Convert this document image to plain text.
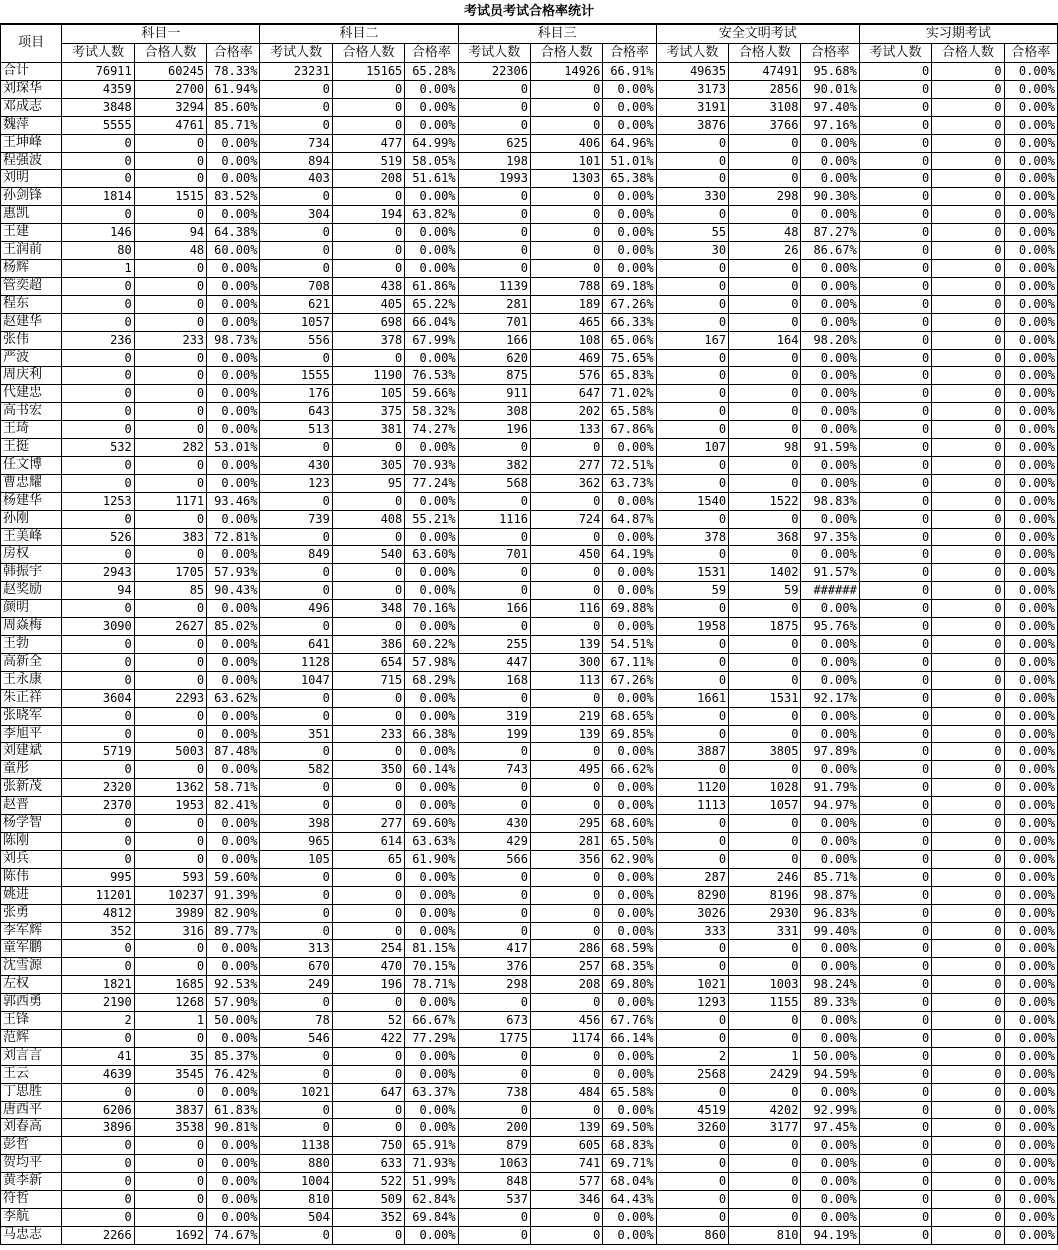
考试员考试合格率统计
项目	科目一			科目二			科目三			安全文明考试			实习期考试		
	考试人数	合格人数	合格率	考试人数	合格人数	合格率	考试人数	合格人数	合格率	考试人数	合格人数	合格率	考试人数	合格人数	合格率
合计	76911	60245	78.33%	23231	15165	65.28%	22306	14926	66.91%	49635	47491	95.68%	0	0	0.00%
刘琛华	4359	2700	61.94%	0	0	0.00%	0	0	0.00%	3173	2856	90.01%	0	0	0.00%
邓成志	3848	3294	85.60%	0	0	0.00%	0	0	0.00%	3191	3108	97.40%	0	0	0.00%
魏萍	5555	4761	85.71%	0	0	0.00%	0	0	0.00%	3876	3766	97.16%	0	0	0.00%
王坤峰	0	0	0.00%	734	477	64.99%	625	406	64.96%	0	0	0.00%	0	0	0.00%
程强波	0	0	0.00%	894	519	58.05%	198	101	51.01%	0	0	0.00%	0	0	0.00%
刘明	0	0	0.00%	403	208	51.61%	1993	1303	65.38%	0	0	0.00%	0	0	0.00%
孙剑锋	1814	1515	83.52%	0	0	0.00%	0	0	0.00%	330	298	90.30%	0	0	0.00%
惠凯	0	0	0.00%	304	194	63.82%	0	0	0.00%	0	0	0.00%	0	0	0.00%
王建	146	94	64.38%	0	0	0.00%	0	0	0.00%	55	48	87.27%	0	0	0.00%
王润前	80	48	60.00%	0	0	0.00%	0	0	0.00%	30	26	86.67%	0	0	0.00%
杨辉	1	0	0.00%	0	0	0.00%	0	0	0.00%	0	0	0.00%	0	0	0.00%
管奕超	0	0	0.00%	708	438	61.86%	1139	788	69.18%	0	0	0.00%	0	0	0.00%
程东	0	0	0.00%	621	405	65.22%	281	189	67.26%	0	0	0.00%	0	0	0.00%
赵建华	0	0	0.00%	1057	698	66.04%	701	465	66.33%	0	0	0.00%	0	0	0.00%
张伟	236	233	98.73%	556	378	67.99%	166	108	65.06%	167	164	98.20%	0	0	0.00%
严波	0	0	0.00%	0	0	0.00%	620	469	75.65%	0	0	0.00%	0	0	0.00%
周庆利	0	0	0.00%	1555	1190	76.53%	875	576	65.83%	0	0	0.00%	0	0	0.00%
代建忠	0	0	0.00%	176	105	59.66%	911	647	71.02%	0	0	0.00%	0	0	0.00%
高书宏	0	0	0.00%	643	375	58.32%	308	202	65.58%	0	0	0.00%	0	0	0.00%
王琦	0	0	0.00%	513	381	74.27%	196	133	67.86%	0	0	0.00%	0	0	0.00%
王挺	532	282	53.01%	0	0	0.00%	0	0	0.00%	107	98	91.59%	0	0	0.00%
任文博	0	0	0.00%	430	305	70.93%	382	277	72.51%	0	0	0.00%	0	0	0.00%
曹忠耀	0	0	0.00%	123	95	77.24%	568	362	63.73%	0	0	0.00%	0	0	0.00%
杨建华	1253	1171	93.46%	0	0	0.00%	0	0	0.00%	1540	1522	98.83%	0	0	0.00%
孙刚	0	0	0.00%	739	408	55.21%	1116	724	64.87%	0	0	0.00%	0	0	0.00%
王美峰	526	383	72.81%	0	0	0.00%	0	0	0.00%	378	368	97.35%	0	0	0.00%
房权	0	0	0.00%	849	540	63.60%	701	450	64.19%	0	0	0.00%	0	0	0.00%
韩振宇	2943	1705	57.93%	0	0	0.00%	0	0	0.00%	1531	1402	91.57%	0	0	0.00%
赵奖励	94	85	90.43%	0	0	0.00%	0	0	0.00%	59	59	######	0	0	0.00%
颜明	0	0	0.00%	496	348	70.16%	166	116	69.88%	0	0	0.00%	0	0	0.00%
周焱梅	3090	2627	85.02%	0	0	0.00%	0	0	0.00%	1958	1875	95.76%	0	0	0.00%
王勃	0	0	0.00%	641	386	60.22%	255	139	54.51%	0	0	0.00%	0	0	0.00%
高新全	0	0	0.00%	1128	654	57.98%	447	300	67.11%	0	0	0.00%	0	0	0.00%
王永康	0	0	0.00%	1047	715	68.29%	168	113	67.26%	0	0	0.00%	0	0	0.00%
朱正祥	3604	2293	63.62%	0	0	0.00%	0	0	0.00%	1661	1531	92.17%	0	0	0.00%
张晓军	0	0	0.00%	0	0	0.00%	319	219	68.65%	0	0	0.00%	0	0	0.00%
李旭平	0	0	0.00%	351	233	66.38%	199	139	69.85%	0	0	0.00%	0	0	0.00%
刘建斌	5719	5003	87.48%	0	0	0.00%	0	0	0.00%	3887	3805	97.89%	0	0	0.00%
童彤	0	0	0.00%	582	350	60.14%	743	495	66.62%	0	0	0.00%	0	0	0.00%
张新茂	2320	1362	58.71%	0	0	0.00%	0	0	0.00%	1120	1028	91.79%	0	0	0.00%
赵晋	2370	1953	82.41%	0	0	0.00%	0	0	0.00%	1113	1057	94.97%	0	0	0.00%
杨学智	0	0	0.00%	398	277	69.60%	430	295	68.60%	0	0	0.00%	0	0	0.00%
陈刚	0	0	0.00%	965	614	63.63%	429	281	65.50%	0	0	0.00%	0	0	0.00%
刘兵	0	0	0.00%	105	65	61.90%	566	356	62.90%	0	0	0.00%	0	0	0.00%
陈伟	995	593	59.60%	0	0	0.00%	0	0	0.00%	287	246	85.71%	0	0	0.00%
姚进	11201	10237	91.39%	0	0	0.00%	0	0	0.00%	8290	8196	98.87%	0	0	0.00%
张勇	4812	3989	82.90%	0	0	0.00%	0	0	0.00%	3026	2930	96.83%	0	0	0.00%
李军辉	352	316	89.77%	0	0	0.00%	0	0	0.00%	333	331	99.40%	0	0	0.00%
童军鹏	0	0	0.00%	313	254	81.15%	417	286	68.59%	0	0	0.00%	0	0	0.00%
沈雪源	0	0	0.00%	670	470	70.15%	376	257	68.35%	0	0	0.00%	0	0	0.00%
左权	1821	1685	92.53%	249	196	78.71%	298	208	69.80%	1021	1003	98.24%	0	0	0.00%
郭西勇	2190	1268	57.90%	0	0	0.00%	0	0	0.00%	1293	1155	89.33%	0	0	0.00%
王锋	2	1	50.00%	78	52	66.67%	673	456	67.76%	0	0	0.00%	0	0	0.00%
范辉	0	0	0.00%	546	422	77.29%	1775	1174	66.14%	0	0	0.00%	0	0	0.00%
刘言言	41	35	85.37%	0	0	0.00%	0	0	0.00%	2	1	50.00%	0	0	0.00%
王云	4639	3545	76.42%	0	0	0.00%	0	0	0.00%	2568	2429	94.59%	0	0	0.00%
丁思胜	0	0	0.00%	1021	647	63.37%	738	484	65.58%	0	0	0.00%	0	0	0.00%
唐西平	6206	3837	61.83%	0	0	0.00%	0	0	0.00%	4519	4202	92.99%	0	0	0.00%
刘春高	3896	3538	90.81%	0	0	0.00%	200	139	69.50%	3260	3177	97.45%	0	0	0.00%
彭哲	0	0	0.00%	1138	750	65.91%	879	605	68.83%	0	0	0.00%	0	0	0.00%
贺均平	0	0	0.00%	880	633	71.93%	1063	741	69.71%	0	0	0.00%	0	0	0.00%
黄李新	0	0	0.00%	1004	522	51.99%	848	577	68.04%	0	0	0.00%	0	0	0.00%
符哲	0	0	0.00%	810	509	62.84%	537	346	64.43%	0	0	0.00%	0	0	0.00%
李航	0	0	0.00%	504	352	69.84%	0	0	0.00%	0	0	0.00%	0	0	0.00%
马忠志	2266	1692	74.67%	0	0	0.00%	0	0	0.00%	860	810	94.19%	0	0	0.00%
